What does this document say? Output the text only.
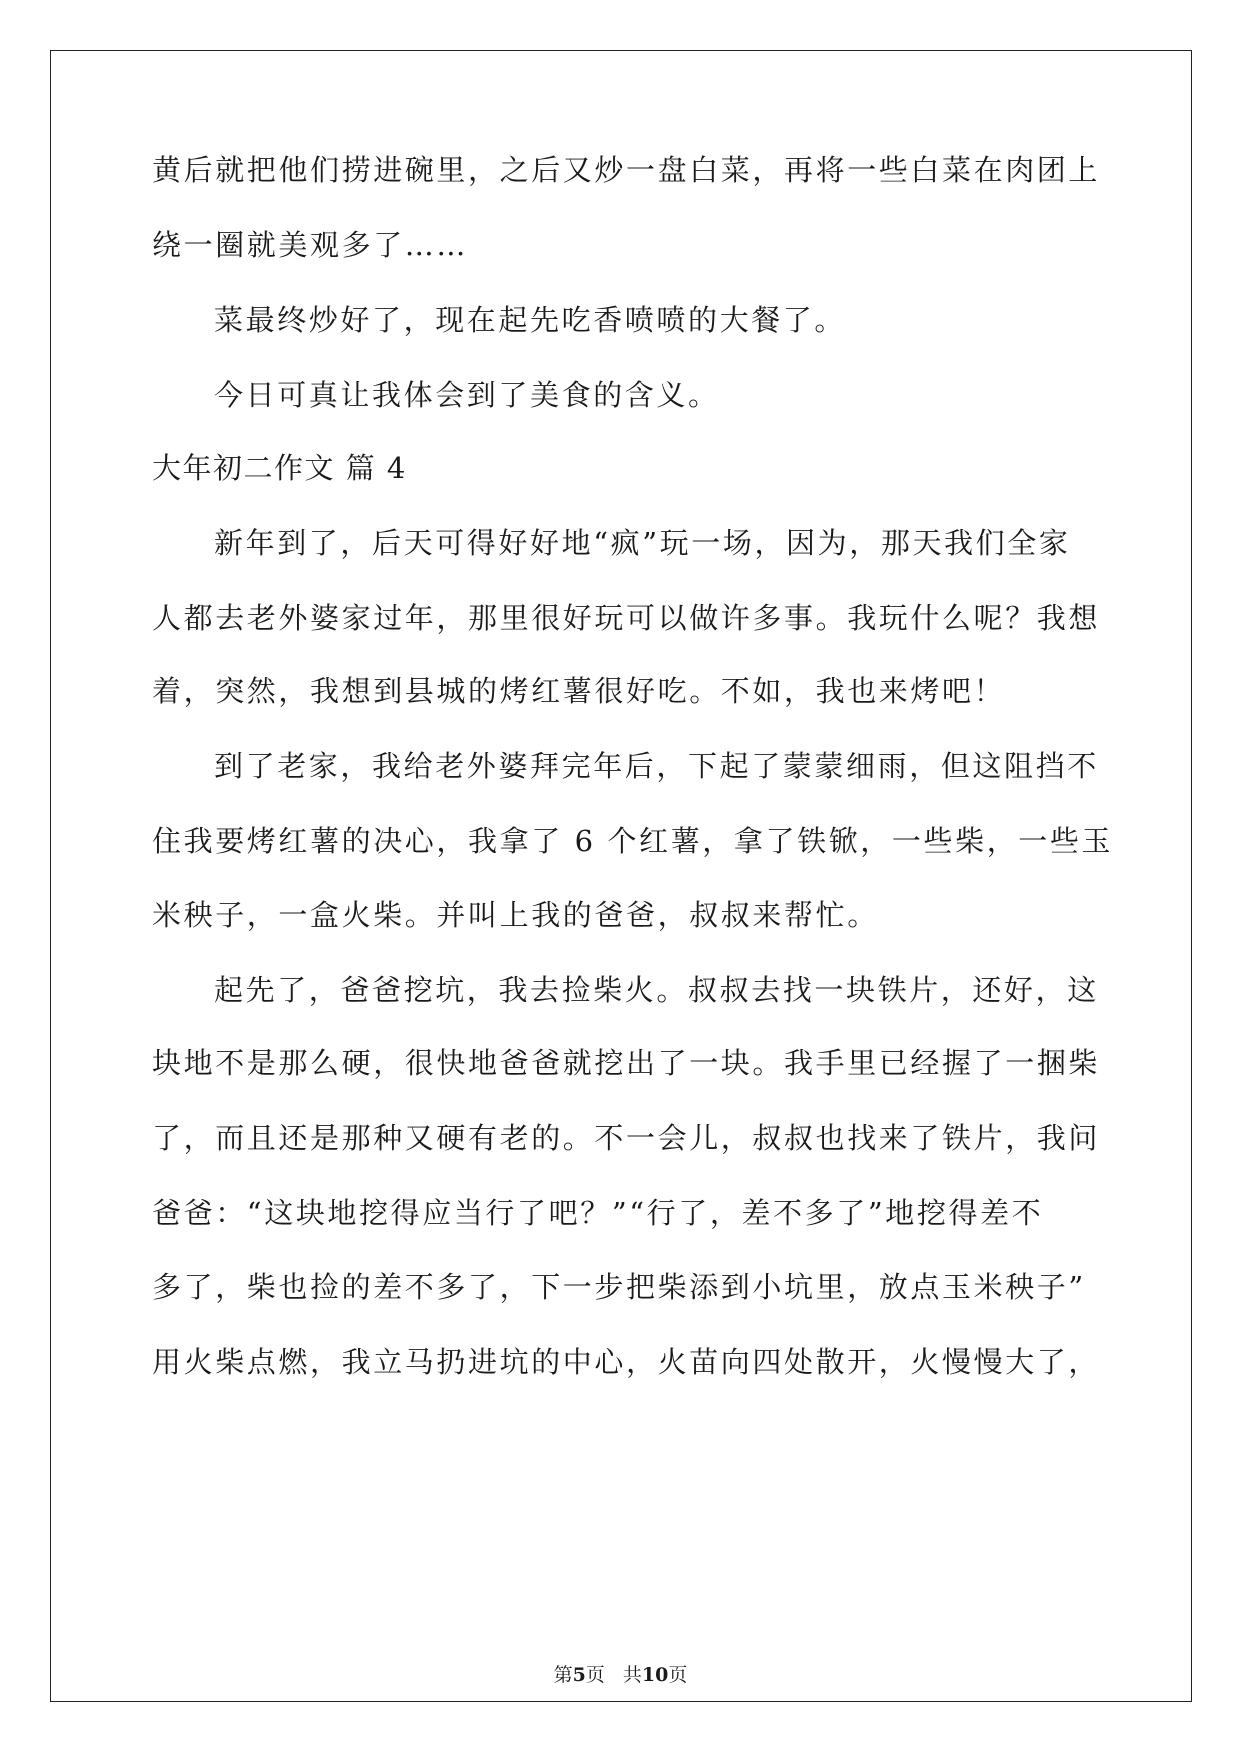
黄后就把他们捞进碗里，之后又炒一盘白菜，再将一些白菜在肉团上
绕一圈就美观多了……
菜最终炒好了，现在起先吃香喷喷的大餐了。
今日可真让我体会到了美食的含义。
大年初二作文 篇 4
新年到了，后天可得好好地“疯”玩一场，因为，那天我们全家
人都去老外婆家过年，那里很好玩可以做许多事。我玩什么呢？我想
着，突然，我想到县城的烤红薯很好吃。不如，我也来烤吧！
到了老家，我给老外婆拜完年后，下起了蒙蒙细雨，但这阻挡不
住我要烤红薯的决心，我拿了 6 个红薯，拿了铁锨，一些柴，一些玉
米秧子，一盒火柴。并叫上我的爸爸，叔叔来帮忙。
起先了，爸爸挖坑，我去捡柴火。叔叔去找一块铁片，还好，这
块地不是那么硬，很快地爸爸就挖出了一块。我手里已经握了一捆柴
了，而且还是那种又硬有老的。不一会儿，叔叔也找来了铁片，我问
爸爸：“这块地挖得应当行了吧？”“行了，差不多了”地挖得差不
多了，柴也捡的差不多了，下一步把柴添到小坑里，放点玉米秧子”
用火柴点燃，我立马扔进坑的中心，火苗向四处散开，火慢慢大了，
第5页 共10页
